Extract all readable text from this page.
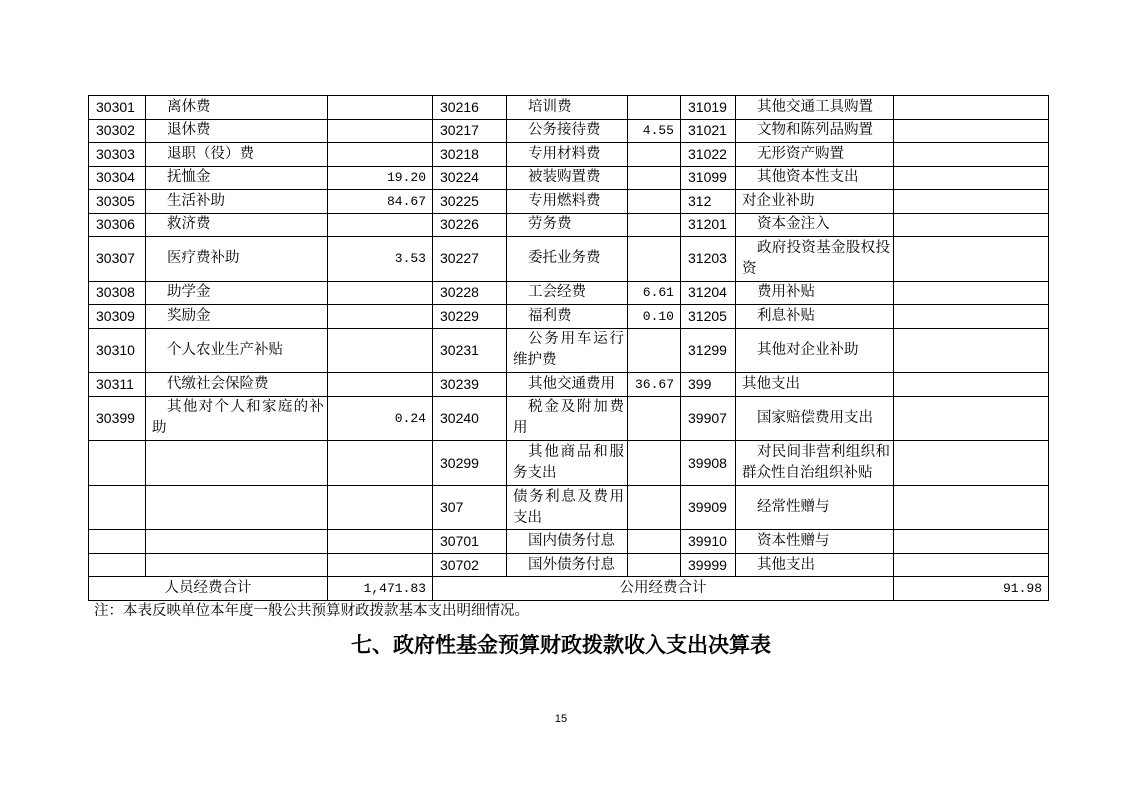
30301	离休费		30216	培训费		31019	其他交通工具购置	
30302	退休费		30217	公务接待费	4.55	31021	文物和陈列品购置	
30303	退职（役）费		30218	专用材料费		31022	无形资产购置	
30304	抚恤金	19.20	30224	被装购置费		31099	其他资本性支出	
30305	生活补助	84.67	30225	专用燃料费		312	对企业补助	
30306	救济费		30226	劳务费		31201	资本金注入	
30307	医疗费补助	3.53	30227	委托业务费		31203	政府投资基金股权投资	
30308	助学金		30228	工会经费	6.61	31204	费用补贴	
30309	奖励金		30229	福利费	0.10	31205	利息补贴	
30310	个人农业生产补贴		30231	公务用车运行维护费		31299	其他对企业补助	
30311	代缴社会保险费		30239	其他交通费用	36.67	399	其他支出	
30399	其他对个人和家庭的补助	0.24	30240	税金及附加费用		39907	国家赔偿费用支出	
			30299	其他商品和服务支出		39908	对民间非营利组织和群众性自治组织补贴	
			307	债务利息及费用支出		39909	经常性赠与	
			30701	国内债务付息		39910	资本性赠与	
			30702	国外债务付息		39999	其他支出	
人员经费合计		1,471.83	公用经费合计					91.98
注：本表反映单位本年度一般公共预算财政拨款基本支出明细情况。
七、政府性基金预算财政拨款收入支出决算表
15
